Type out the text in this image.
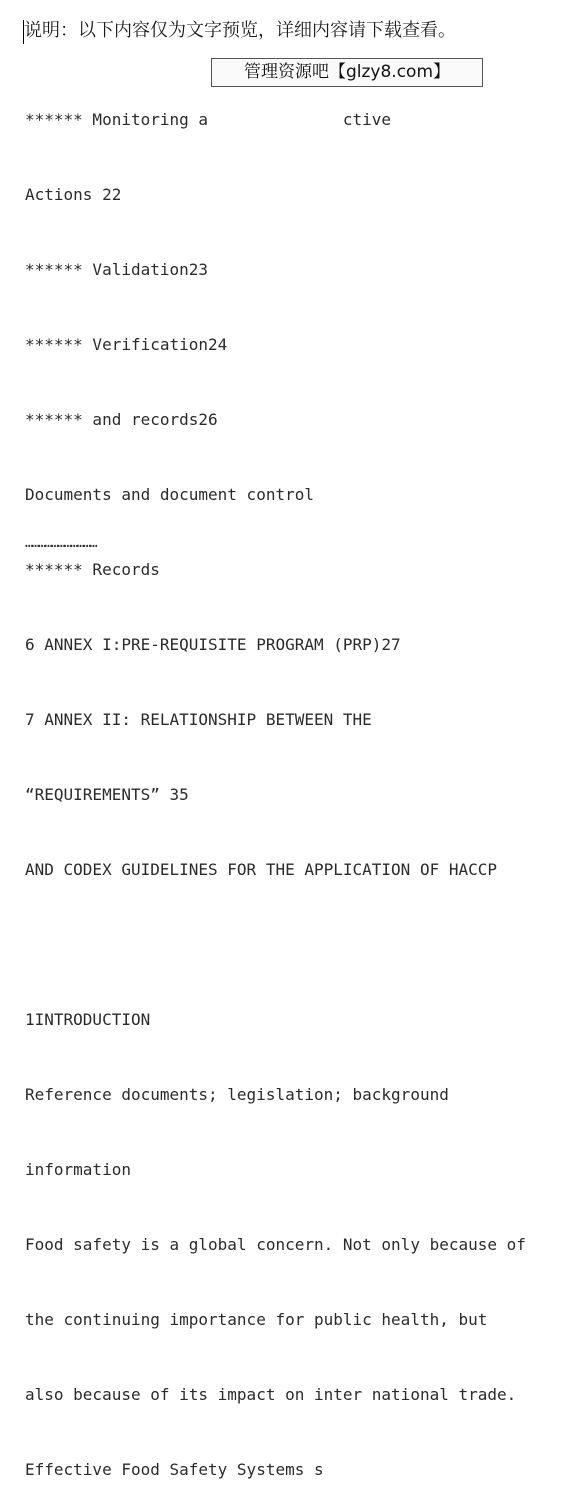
说明：以下内容仅为文字预览，详细内容请下载查看。

****** Monitoring a              ctive

Actions 22

****** Validation23

****** Verification24

****** and records26

Documents and document control

****** Records

6 ANNEX I:PRE-REQUISITE PROGRAM (PRP)27

7 ANNEX II: RELATIONSHIP BETWEEN THE

“REQUIREMENTS” 35

AND CODEX GUIDELINES FOR THE APPLICATION OF HACCP

1INTRODUCTION

Reference documents; legislation; background

information

Food safety is a global concern. Not only because of

the continuing importance for public health, but

also because of its impact on inter national trade.

Effective Food Safety Systems s

管理资源吧【glzy8.com】
……………………………
